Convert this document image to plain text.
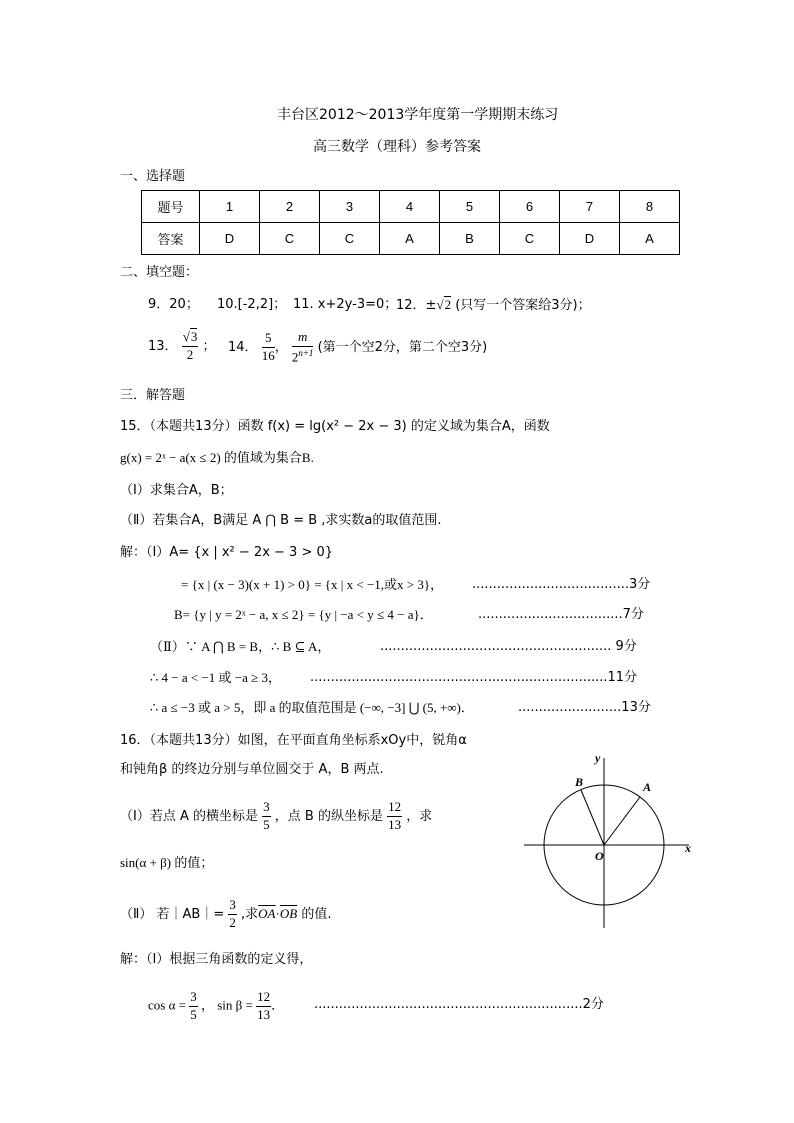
丰台区2012～2013学年度第一学期期末练习
高三数学（理科）参考答案
一、选择题
题号	1	2	3	4	5	6	7	8
答案	D	C	C	A	B	C	D	A
二、填空题：
9．20； 10.[-2,2]； 11. x+2y-3=0；
12．±√2 (只写一个答案给3分)；
13． $\frac{√3}{2}$ ； 14． $\frac{5}{16}$ ， $\frac{m}{2^{n+1}}$ (第一个空2分，第二个空3分)
三．解答题
15．（本题共13分）函数 f(x) = lg(x² − 2x − 3) 的定义域为集合A，函数
g(x) = 2ˣ − a(x ≤ 2) 的值域为集合B.
（Ⅰ）求集合A，B；
（Ⅱ）若集合A，B满足 A ⋂ B = B ,求实数a的取值范围.
解：（Ⅰ）A= {x | x² − 2x − 3 > 0}
= {x | (x − 3)(x + 1) > 0} = {x | x < −1,或x > 3}， ......................................3分
B= {y | y = 2ˣ − a, x ≤ 2} = {y | −a < y ≤ 4 − a}．	...................................7分
（Ⅱ）∵ A ⋂ B = B，∴ B ⊆ A，	........................................................ 9分
∴ 4 − a < −1 或 −a ≥ 3， ........................................................................11分
∴ a ≤ −3 或 a > 5，即 a 的取值范围是 (−∞, −3] ⋃ (5, +∞)．	.........................13分
16．（本题共13分）如图，在平面直角坐标系xOy中，锐角α
和钝角β 的终边分别与单位圆交于 A，B 两点.
（Ⅰ）若点 A 的横坐标是 $\frac{3}{5}$ ，点 B 的纵坐标是 $\frac{12}{13}$ ，求
sin(α + β) 的值；
（Ⅱ） 若｜AB｜= $\frac{3}{2}$ ,求$\overline{OA}\cdot\overline{OB}$ 的值.
解：（Ⅰ）根据三角函数的定义得，
$\cos \alpha = \frac{3}{5}$ ， $\sin \beta = \frac{12}{13}$ ． .................................................................2分
y
x
O
A
B
